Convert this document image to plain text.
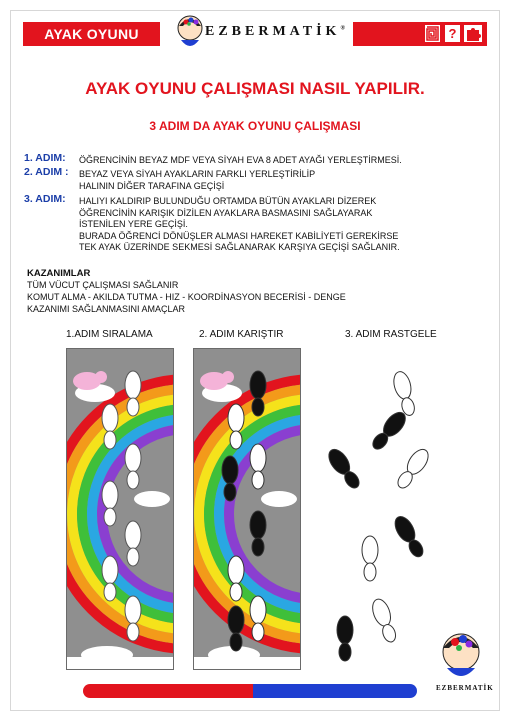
AYAK OYUNU	EZBERMATİK®	?
AYAK OYUNU ÇALIŞMASI NASIL YAPILIR.
3 ADIM DA AYAK OYUNU ÇALIŞMASI
1. ADIM: ÖĞRENCİNİN BEYAZ MDF VEYA SİYAH EVA 8 ADET AYAĞI YERLEŞTİRMESİ.
2. ADIM : BEYAZ VEYA SİYAH AYAKLARIN FARKLI YERLEŞTİRİLİP
HALININ DİĞER TARAFINA GEÇİŞİ
3. ADIM: HALIYI KALDIRIP BULUNDUĞU ORTAMDA BÜTÜN AYAKLARI DİZEREK
ÖĞRENCİNİN KARIŞIK DİZİLEN AYAKLARA BASMASINI SAĞLAYARAK
İSTENİLEN YERE GEÇİŞİ.
BURADA ÖĞRENCİ DÖNÜŞLER ALMASI HAREKET KABİLİYETİ GEREKİRSE
TEK AYAK ÜZERİNDE SEKMESİ SAĞLANARAK KARŞIYA GEÇİŞİ SAĞLANIR.
KAZANIMLAR
TÜM VÜCUT ÇALIŞMASI SAĞLANIR
KOMUT ALMA - AKILDA TUTMA - HIZ - KOORDİNASYON BECERİSİ - DENGE
KAZANIMI SAĞLANMASINI AMAÇLAR
1.ADIM SIRALAMA	2. ADIM KARIŞTIR	3. ADIM RASTGELE
EZBERMATİK
